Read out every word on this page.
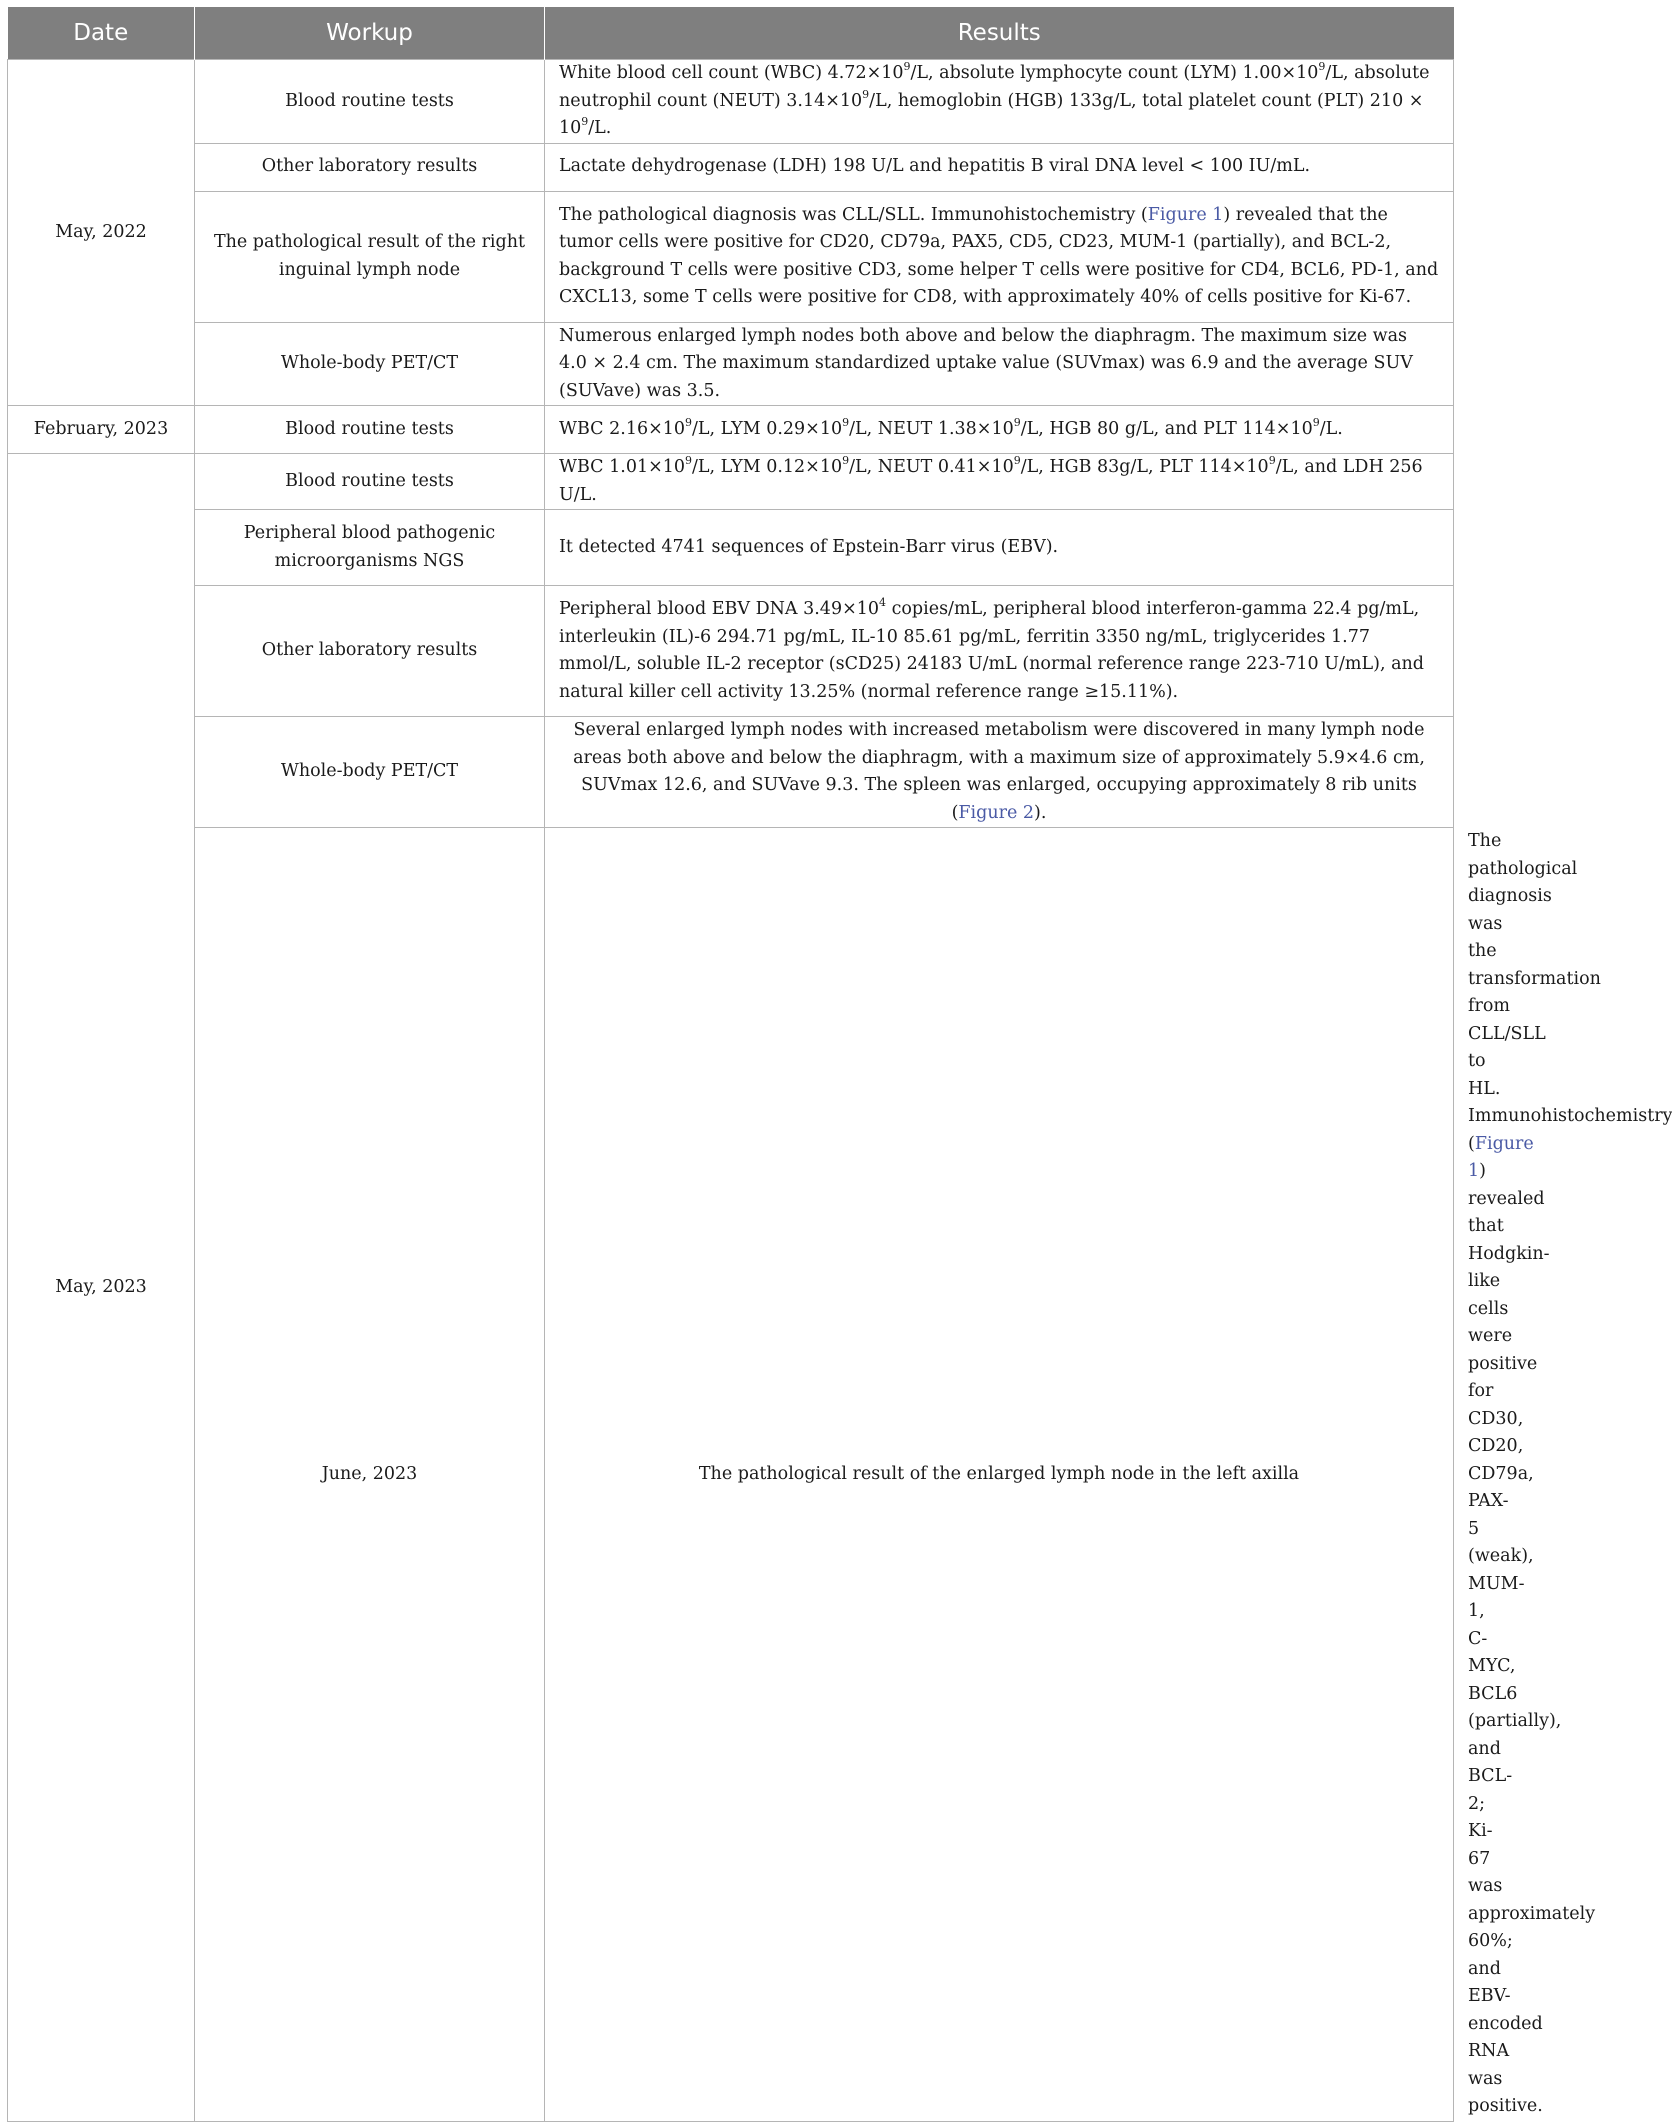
Date	Workup	Results	
May, 2022	Blood routine tests	White blood cell count (WBC) $4.72\times 10^9/L$, absolute lymphocyte count (LYM) $1.00\times 10^9/L$, absolute neutrophil count (NEUT) $3.14\times 10^9/L$, hemoglobin (HGB) 133g/L, total platelet count (PLT) $210 \times 10^9/L$.	
	Other laboratory results	Lactate dehydrogenase (LDH) 198 U/L and hepatitis B viral DNA level < 100 IU/mL.	
	The pathological result of the right inguinal lymph node	The pathological diagnosis was CLL/SLL. Immunohistochemistry (Figure 1) revealed that the tumor cells were positive for CD20, CD79a, PAX5, CD5, CD23, MUM-1 (partially), and BCL-2, background T cells were positive CD3, some helper T cells were positive for CD4, BCL6, PD-1, and CXCL13, some T cells were positive for CD8, with approximately 40% of cells positive for Ki-67.	
	Whole-body PET/CT	Numerous enlarged lymph nodes both above and below the diaphragm. The maximum size was 4.0 × 2.4 cm. The maximum standardized uptake value (SUVmax) was 6.9 and the average SUV (SUVave) was 3.5.	
February, 2023	Blood routine tests	WBC $2.16\times 10^9/L$, LYM $0.29\times 10^9/L$, NEUT $1.38\times 10^9/L$, HGB 80 g/L, and PLT $114\times 10^9/L$.	
May, 2023	Blood routine tests	WBC $1.01\times 10^9/L$, LYM $0.12\times 10^9/L$, NEUT $0.41\times 10^9/L$, HGB 83g/L, PLT $114\times 10^9/L$, and LDH 256 U/L.	
	Peripheral blood pathogenic microorganisms NGS	It detected 4741 sequences of Epstein-Barr virus (EBV).	
	Other laboratory results	Peripheral blood EBV DNA $3.49\times 10^4$ copies/mL, peripheral blood interferon-gamma 22.4 pg/mL, interleukin (IL)-6 294.71 pg/mL, IL-10 85.61 pg/mL, ferritin 3350 ng/mL, triglycerides 1.77 mmol/L, soluble IL-2 receptor (sCD25) 24183 U/mL (normal reference range 223-710 U/mL), and natural killer cell activity 13.25% (normal reference range ≥15.11%).	
	Whole-body PET/CT	Several enlarged lymph nodes with increased metabolism were discovered in many lymph node areas both above and below the diaphragm, with a maximum size of approximately 5.9×4.6 cm, SUVmax 12.6, and SUVave 9.3. The spleen was enlarged, occupying approximately 8 rib units (Figure 2).	
	June, 2023	The pathological result of the enlarged lymph node in the left axilla	The pathological diagnosis was the transformation from CLL/SLL to HL. Immunohistochemistry (Figure 1) revealed that Hodgkin-like cells were positive for CD30, CD20, CD79a, PAX-5 (weak), MUM-1, C-MYC, BCL6 (partially), and BCL-2; Ki-67 was approximately 60%; and EBV-encoded RNA was positive.
